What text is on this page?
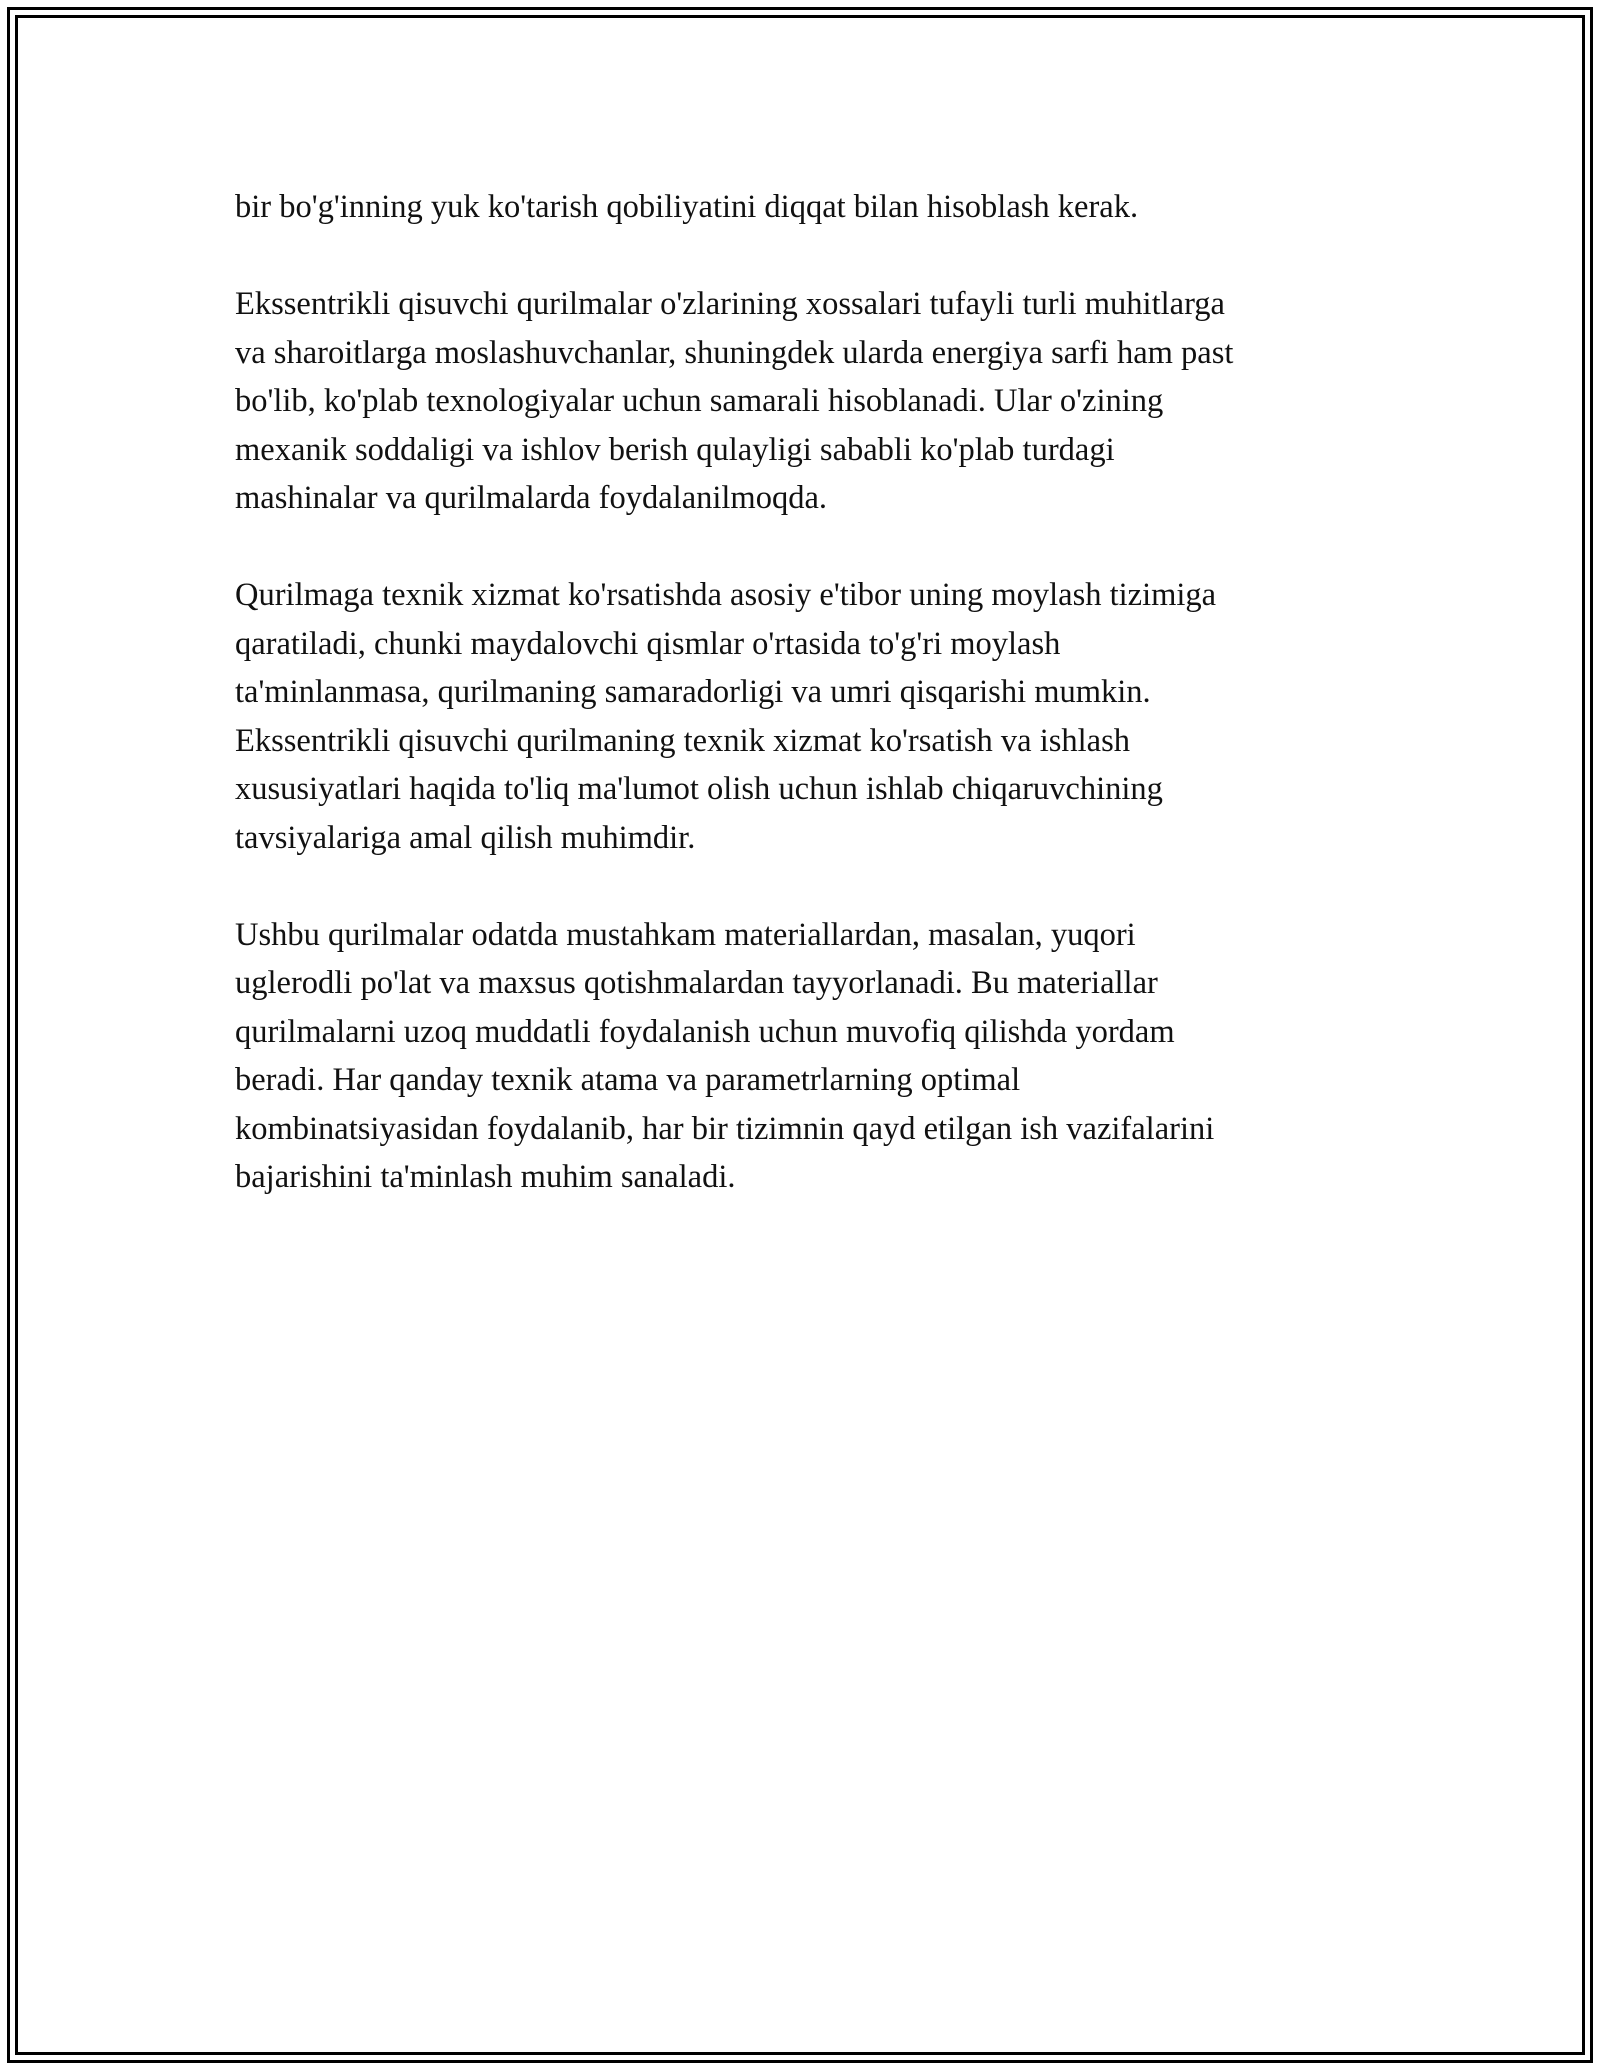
bir bo'g'inning yuk ko'tarish qobiliyatini diqqat bilan hisoblash kerak.

Ekssentrikli qisuvchi qurilmalar o'zlarining xossalari tufayli turli muhitlarga
va sharoitlarga moslashuvchanlar, shuningdek ularda energiya sarfi ham past
bo'lib, ko'plab texnologiyalar uchun samarali hisoblanadi. Ular o'zining
mexanik soddaligi va ishlov berish qulayligi sababli ko'plab turdagi
mashinalar va qurilmalarda foydalanilmoqda.

Qurilmaga texnik xizmat ko'rsatishda asosiy e'tibor uning moylash tizimiga
qaratiladi, chunki maydalovchi qismlar o'rtasida to'g'ri moylash
ta'minlanmasa, qurilmaning samaradorligi va umri qisqarishi mumkin.
Ekssentrikli qisuvchi qurilmaning texnik xizmat ko'rsatish va ishlash
xususiyatlari haqida to'liq ma'lumot olish uchun ishlab chiqaruvchining
tavsiyalariga amal qilish muhimdir.

Ushbu qurilmalar odatda mustahkam materiallardan, masalan, yuqori
uglerodli po'lat va maxsus qotishmalardan tayyorlanadi. Bu materiallar
qurilmalarni uzoq muddatli foydalanish uchun muvofiq qilishda yordam
beradi. Har qanday texnik atama va parametrlarning optimal
kombinatsiyasidan foydalanib, har bir tizimnin qayd etilgan ish vazifalarini
bajarishini ta'minlash muhim sanaladi.
